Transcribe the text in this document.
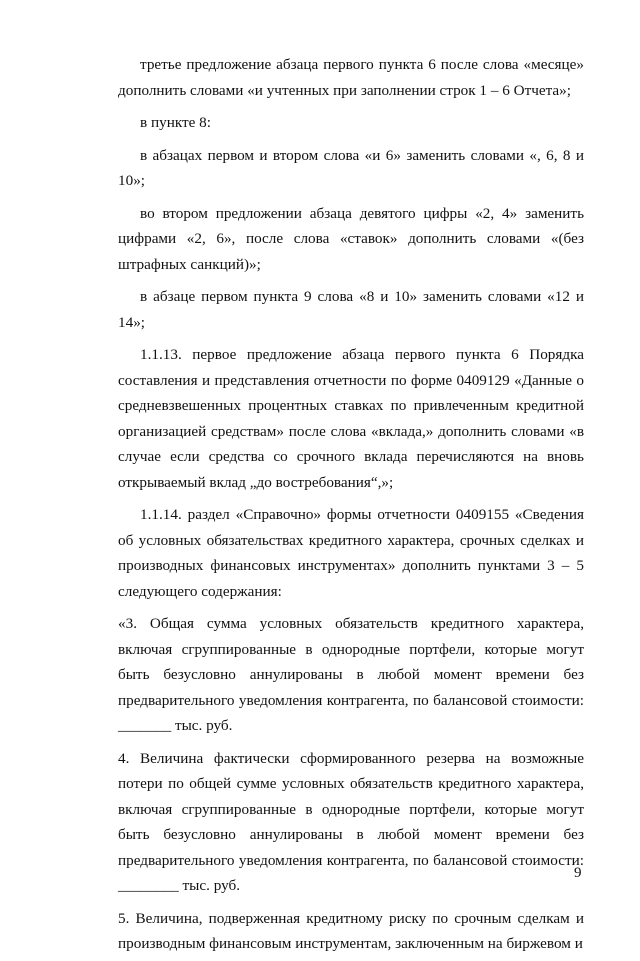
третье предложение абзаца первого пункта 6 после слова «месяце» дополнить словами «и учтенных при заполнении строк 1 – 6 Отчета»;

в пункте 8:

в абзацах первом и втором слова «и 6» заменить словами «, 6, 8 и 10»;

во втором предложении абзаца девятого цифры «2, 4» заменить цифрами «2, 6», после слова «ставок» дополнить словами «(без штрафных санкций)»;

в абзаце первом пункта 9 слова «8 и 10» заменить словами «12 и 14»;

1.1.13. первое предложение абзаца первого пункта 6 Порядка составления и представления отчетности по форме 0409129 «Данные о средневзвешенных процентных ставках по привлеченным кредитной организацией средствам» после слова «вклада,» дополнить словами «в случае если средства со срочного вклада перечисляются на вновь открываемый вклад „до востребования“,»;

1.1.14. раздел «Справочно» формы отчетности 0409155 «Сведения об условных обязательствах кредитного характера, срочных сделках и производных финансовых инструментах» дополнить пунктами 3 – 5 следующего содержания:

«3. Общая сумма условных обязательств кредитного характера, включая сгруппированные в однородные портфели, которые могут быть безусловно аннулированы в любой момент времени без предварительного уведомления контрагента, по балансовой стоимости: _______ тыс. руб.

4. Величина фактически сформированного резерва на возможные потери по общей сумме условных обязательств кредитного характера, включая сгруппированные в однородные портфели, которые могут быть безусловно аннулированы в любой момент времени без предварительного уведомления контрагента, по балансовой стоимости: ________ тыс. руб.

5. Величина, подверженная кредитному риску по срочным сделкам и производным финансовым инструментам, заключенным на биржевом и

9
